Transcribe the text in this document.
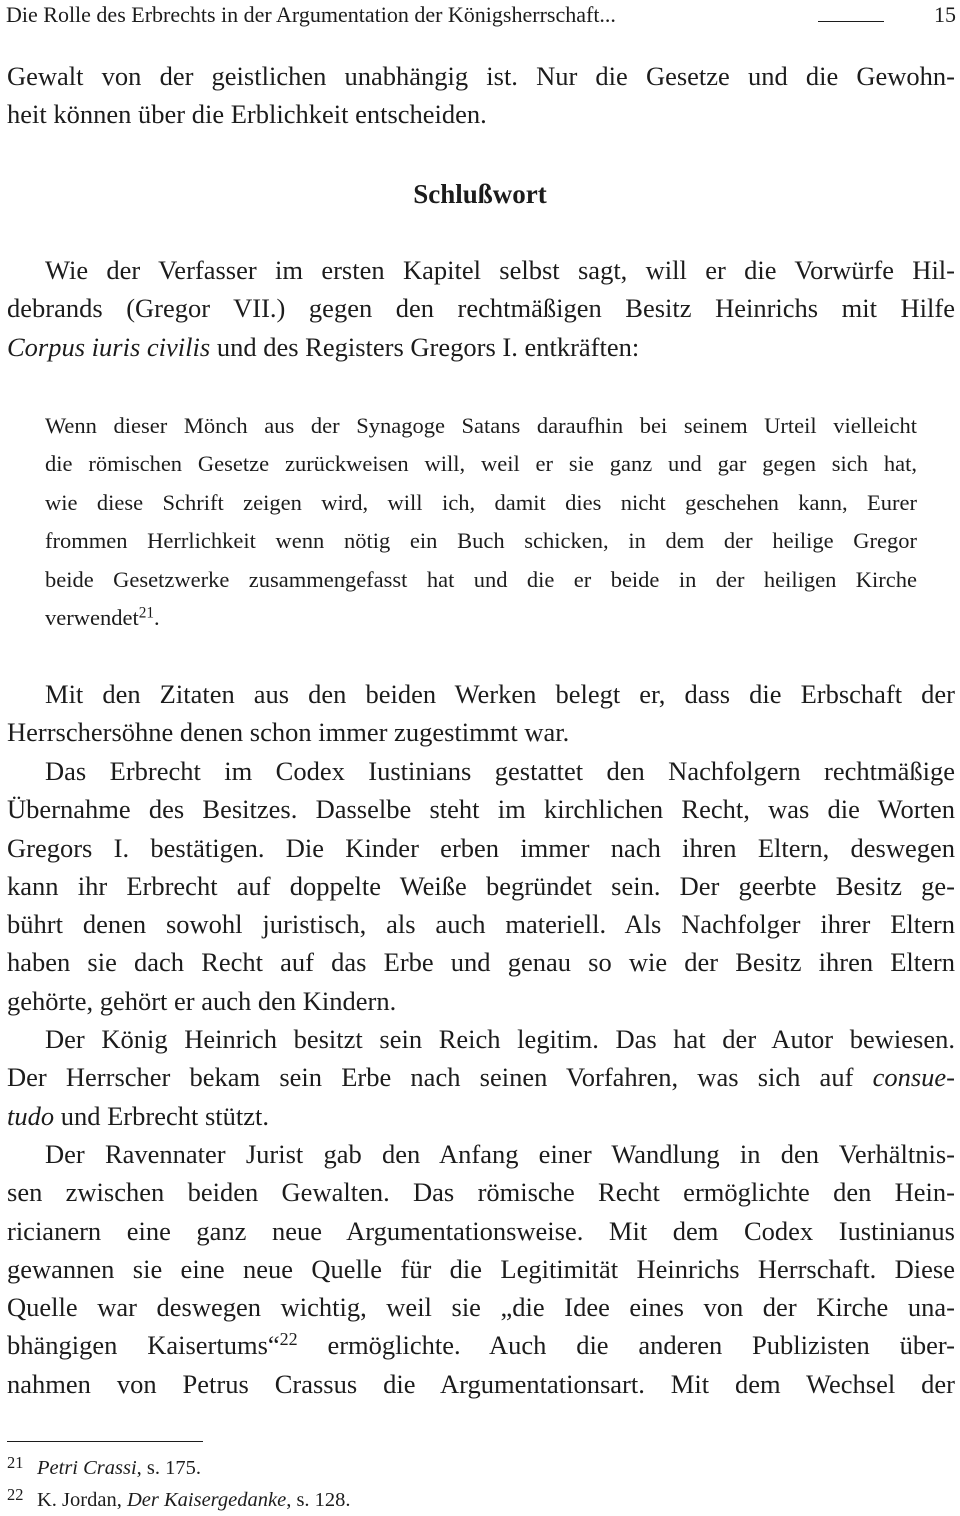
Die Rolle des Erbrechts in der Argumentation der Königsherrschaft...	15
Gewalt von der geistlichen unabhängig ist. Nur die Gesetze und die Gewohn-
heit können über die Erblichkeit entscheiden.
Schlußwort
Wie der Verfasser im ersten Kapitel selbst sagt, will er die Vorwürfe Hil-
debrands (Gregor VII.) gegen den rechtmäßigen Besitz Heinrichs mit Hilfe
Corpus iuris civilis und des Registers Gregors I. entkräften:
Wenn dieser Mönch aus der Synagoge Satans daraufhin bei seinem Urteil vielleicht
die römischen Gesetze zurückweisen will, weil er sie ganz und gar gegen sich hat,
wie diese Schrift zeigen wird, will ich, damit dies nicht geschehen kann, Eurer
frommen Herrlichkeit wenn nötig ein Buch schicken, in dem der heilige Gregor
beide Gesetzwerke zusammengefasst hat und die er beide in der heiligen Kirche
verwendet$^{21}$.
Mit den Zitaten aus den beiden Werken belegt er, dass die Erbschaft der
Herrschersöhne denen schon immer zugestimmt war.
Das Erbrecht im Codex Iustinians gestattet den Nachfolgern rechtmäßige
Übernahme des Besitzes. Dasselbe steht im kirchlichen Recht, was die Worten
Gregors I. bestätigen. Die Kinder erben immer nach ihren Eltern, deswegen
kann ihr Erbrecht auf doppelte Weiße begründet sein. Der geerbte Besitz ge-
bührt denen sowohl juristisch, als auch materiell. Als Nachfolger ihrer Eltern
haben sie dach Recht auf das Erbe und genau so wie der Besitz ihren Eltern
gehörte, gehört er auch den Kindern.
Der König Heinrich besitzt sein Reich legitim. Das hat der Autor bewiesen.
Der Herrscher bekam sein Erbe nach seinen Vorfahren, was sich auf consue-
tudo und Erbrecht stützt.
Der Ravennater Jurist gab den Anfang einer Wandlung in den Verhältnis-
sen zwischen beiden Gewalten. Das römische Recht ermöglichte den Hein-
ricianern eine ganz neue Argumentationsweise. Mit dem Codex Iustinianus
gewannen sie eine neue Quelle für die Legitimität Heinrichs Herrschaft. Diese
Quelle war deswegen wichtig, weil sie „die Idee eines von der Kirche una-
bhängigen Kaisertums“$^{22}$ ermöglichte. Auch die anderen Publizisten über-
nahmen von Petrus Crassus die Argumentationsart. Mit dem Wechsel der
21 Petri Crassi, s. 175.
22 K. Jordan, Der Kaisergedanke, s. 128.
